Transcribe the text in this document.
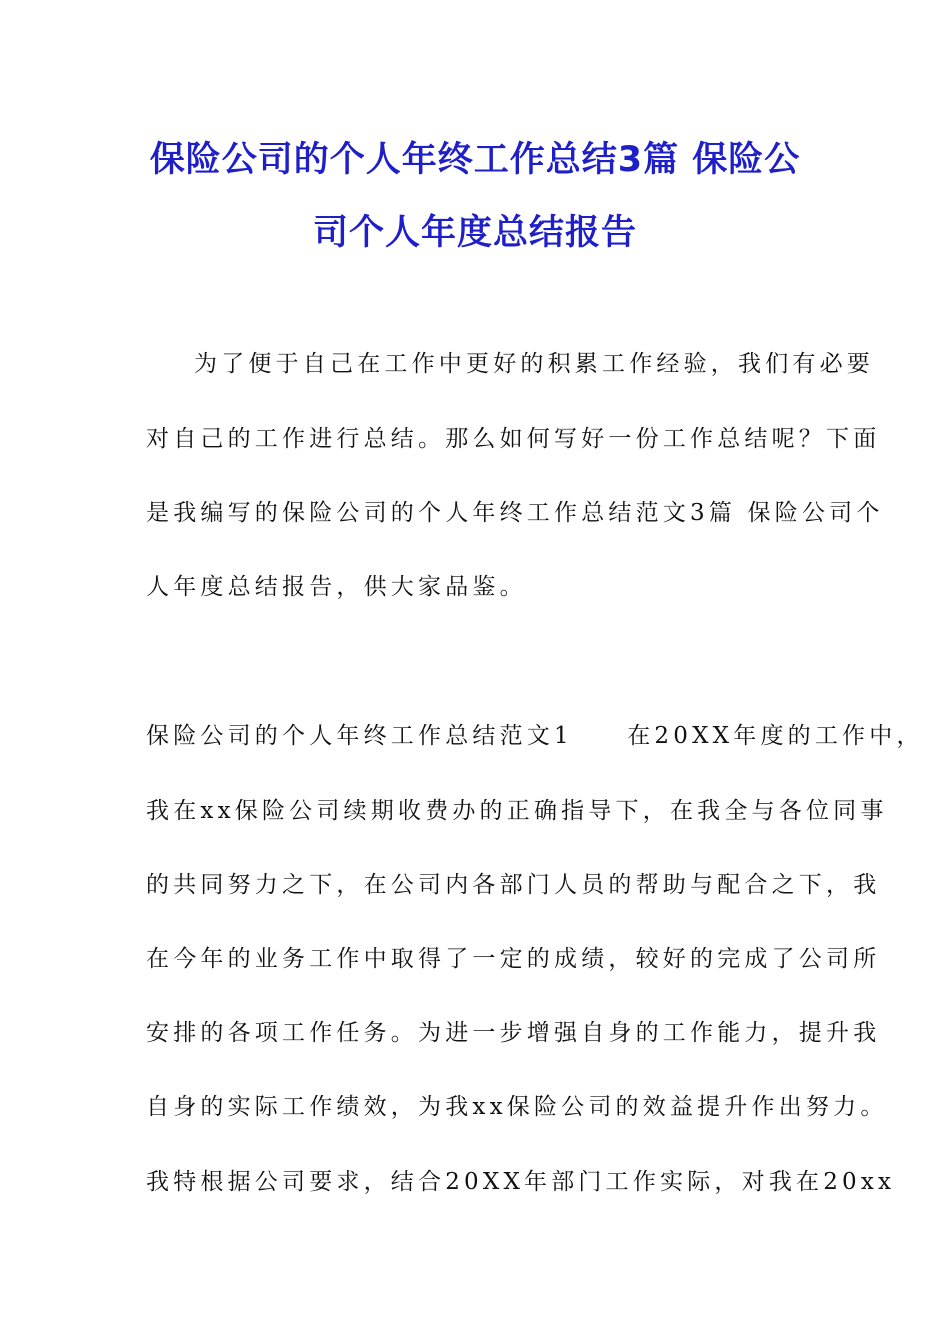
保险公司的个人年终工作总结3篇 保险公
司个人年度总结报告

为了便于自己在工作中更好的积累工作经验，我们有必要

对自己的工作进行总结。那么如何写好一份工作总结呢？下面

是我编写的保险公司的个人年终工作总结范文3篇 保险公司个

人年度总结报告，供大家品鉴。

保险公司的个人年终工作总结范文1　　在20XX年度的工作中，

我在xx保险公司续期收费办的正确指导下，在我全与各位同事

的共同努力之下，在公司内各部门人员的帮助与配合之下，我

在今年的业务工作中取得了一定的成绩，较好的完成了公司所

安排的各项工作任务。为进一步增强自身的工作能力，提升我

自身的实际工作绩效，为我xx保险公司的效益提升作出努力。

我特根据公司要求，结合20XX年部门工作实际，对我在20xx
